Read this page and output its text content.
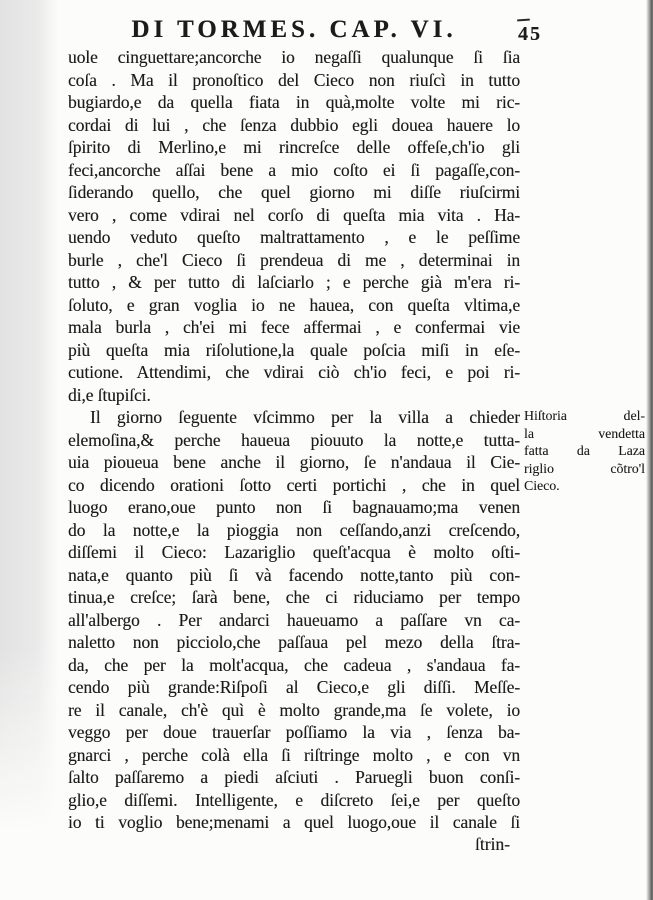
DI TORMES. CAP. VI.	45
uole cinguettare;ancorche io negaſſi qualunque ſi ſia
coſa . Ma il pronoſtico del Cieco non riuſcì in tutto
bugiardo,e da quella fiata in quà,molte volte mi ric-
cordai di lui , che ſenza dubbio egli douea hauere lo
ſpirito di Merlino,e mi rincreſce delle offeſe,ch'io gli
feci,ancorche aſſai bene a mio coſto ei ſi pagaſſe,con-
ſiderando quello, che quel giorno mi diſſe riuſcirmi
vero , come vdirai nel corſo di queſta mia vita . Ha-
uendo veduto queſto maltrattamento , e le peſſime
burle , che'l Cieco ſi prendeua di me , determinai in
tutto , & per tutto di laſciarlo ; e perche già m'era ri-
ſoluto, e gran voglia io ne hauea, con queſta vltima,e
mala burla , ch'ei mi fece affermai , e confermai vie
più queſta mia riſolutione,la quale poſcia miſi in eſe-
cutione. Attendimi, che vdirai ciò ch'io feci, e poi ri-
di,e ſtupiſci.
Il giorno ſeguente vſcimmo per la villa a chieder
elemoſina,& perche haueua piouuto la notte,e tutta-
uia pioueua bene anche il giorno, ſe n'andaua il Cie-
co dicendo orationi ſotto certi portichi , che in quel
luogo erano,oue punto non ſi bagnauamo;ma venen
do la notte,e la pioggia non ceſſando,anzi creſcendo,
diſſemi il Cieco: Lazariglio queſt'acqua è molto oſti-
nata,e quanto più ſi và facendo notte,tanto più con-
tinua,e creſce; ſarà bene, che ci riduciamo per tempo
all'albergo . Per andarci haueuamo a paſſare vn ca-
naletto non picciolo,che paſſaua pel mezo della ſtra-
da, che per la molt'acqua, che cadeua , s'andaua fa-
cendo più grande:Riſpoſi al Cieco,e gli diſſi. Meſſe-
re il canale, ch'è quì è molto grande,ma ſe volete, io
veggo per doue trauerſar poſſiamo la via , ſenza ba-
gnarci , perche colà ella ſi riſtringe molto , e con vn
ſalto paſſaremo a piedi aſciuti . Paruegli buon conſi-
glio,e diſſemi. Intelligente, e diſcreto ſei,e per queſto
io ti voglio bene;menami a quel luogo,oue il canale ſi
Hiſtoria del-
la vendetta
fatta da Laza
riglio cõtro'l
Cieco.
ſtrin-
